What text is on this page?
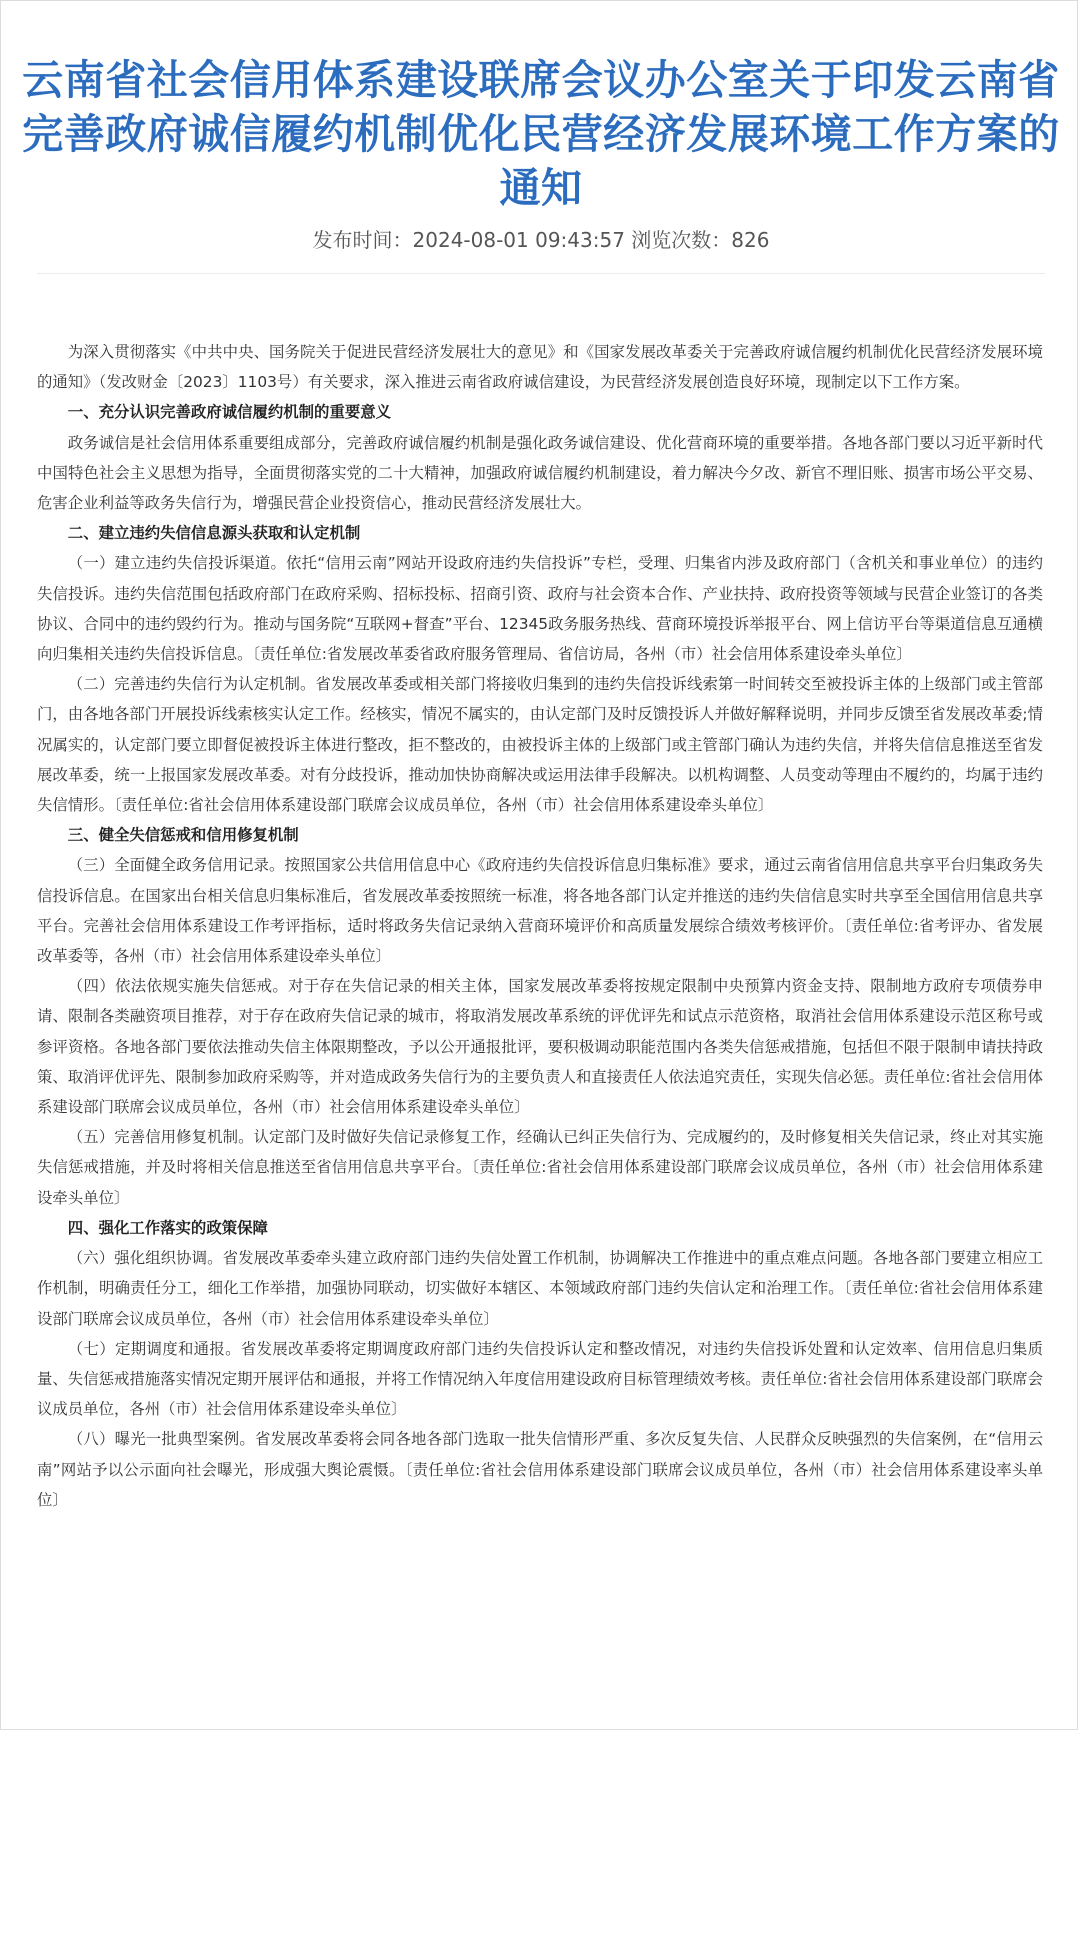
云南省社会信用体系建设联席会议办公室关于印发云南省完善政府诚信履约机制优化民营经济发展环境工作方案的通知
发布时间：2024-08-01 09:43:57 浏览次数：826

为深入贯彻落实《中共中央、国务院关于促进民营经济发展壮大的意见》和《国家发展改革委关于完善政府诚信履约机制优化民营经济发展环境的通知》（发改财金〔2023〕1103号）有关要求，深入推进云南省政府诚信建设，为民营经济发展创造良好环境，现制定以下工作方案。

一、充分认识完善政府诚信履约机制的重要意义

政务诚信是社会信用体系重要组成部分，完善政府诚信履约机制是强化政务诚信建设、优化营商环境的重要举措。各地各部门要以习近平新时代中国特色社会主义思想为指导，全面贯彻落实党的二十大精神，加强政府诚信履约机制建设，着力解决今夕改、新官不理旧账、损害市场公平交易、危害企业利益等政务失信行为，增强民营企业投资信心，推动民营经济发展壮大。

二、建立违约失信信息源头获取和认定机制

（一）建立违约失信投诉渠道。依托“信用云南”网站开设政府违约失信投诉”专栏，受理、归集省内涉及政府部门（含机关和事业单位）的违约失信投诉。违约失信范围包括政府部门在政府采购、招标投标、招商引资、政府与社会资本合作、产业扶持、政府投资等领域与民营企业签订的各类协议、合同中的违约毁约行为。推动与国务院“互联网+督查”平台、12345政务服务热线、营商环境投诉举报平台、网上信访平台等渠道信息互通横向归集相关违约失信投诉信息。〔责任单位:省发展改革委省政府服务管理局、省信访局，各州（市）社会信用体系建设牵头单位〕

（二）完善违约失信行为认定机制。省发展改革委或相关部门将接收归集到的违约失信投诉线索第一时间转交至被投诉主体的上级部门或主管部门，由各地各部门开展投诉线索核实认定工作。经核实，情况不属实的，由认定部门及时反馈投诉人并做好解释说明，并同步反馈至省发展改革委;情况属实的，认定部门要立即督促被投诉主体进行整改，拒不整改的，由被投诉主体的上级部门或主管部门确认为违约失信，并将失信信息推送至省发展改革委，统一上报国家发展改革委。对有分歧投诉，推动加快协商解决或运用法律手段解决。以机构调整、人员变动等理由不履约的，均属于违约失信情形。〔责任单位:省社会信用体系建设部门联席会议成员单位，各州（市）社会信用体系建设牵头单位〕

三、健全失信惩戒和信用修复机制

（三）全面健全政务信用记录。按照国家公共信用信息中心《政府违约失信投诉信息归集标准》要求，通过云南省信用信息共享平台归集政务失信投诉信息。在国家出台相关信息归集标准后，省发展改革委按照统一标准，将各地各部门认定并推送的违约失信信息实时共享至全国信用信息共享平台。完善社会信用体系建设工作考评指标，适时将政务失信记录纳入营商环境评价和高质量发展综合绩效考核评价。〔责任单位:省考评办、省发展改革委等，各州（市）社会信用体系建设牵头单位〕

（四）依法依规实施失信惩戒。对于存在失信记录的相关主体，国家发展改革委将按规定限制中央预算内资金支持、限制地方政府专项债券申请、限制各类融资项目推荐，对于存在政府失信记录的城市，将取消发展改革系统的评优评先和试点示范资格，取消社会信用体系建设示范区称号或参评资格。各地各部门要依法推动失信主体限期整改，予以公开通报批评，要积极调动职能范围内各类失信惩戒措施，包括但不限于限制申请扶持政策、取消评优评先、限制参加政府采购等，并对造成政务失信行为的主要负责人和直接责任人依法追究责任，实现失信必惩。责任单位:省社会信用体系建设部门联席会议成员单位，各州（市）社会信用体系建设牵头单位〕

（五）完善信用修复机制。认定部门及时做好失信记录修复工作，经确认已纠正失信行为、完成履约的，及时修复相关失信记录，终止对其实施失信惩戒措施，并及时将相关信息推送至省信用信息共享平台。〔责任单位:省社会信用体系建设部门联席会议成员单位，各州（市）社会信用体系建设牵头单位〕

四、强化工作落实的政策保障

（六）强化组织协调。省发展改革委牵头建立政府部门违约失信处置工作机制，协调解决工作推进中的重点难点问题。各地各部门要建立相应工作机制，明确责任分工，细化工作举措，加强协同联动，切实做好本辖区、本领域政府部门违约失信认定和治理工作。〔责任单位:省社会信用体系建设部门联席会议成员单位，各州（市）社会信用体系建设牵头单位〕

（七）定期调度和通报。省发展改革委将定期调度政府部门违约失信投诉认定和整改情况，对违约失信投诉处置和认定效率、信用信息归集质量、失信惩戒措施落实情况定期开展评估和通报，并将工作情况纳入年度信用建设政府目标管理绩效考核。责任单位:省社会信用体系建设部门联席会议成员单位，各州（市）社会信用体系建设牵头单位〕

（八）曝光一批典型案例。省发展改革委将会同各地各部门选取一批失信情形严重、多次反复失信、人民群众反映强烈的失信案例，在“信用云南”网站予以公示面向社会曝光，形成强大舆论震慑。〔责任单位:省社会信用体系建设部门联席会议成员单位，各州（市）社会信用体系建设率头单位〕
